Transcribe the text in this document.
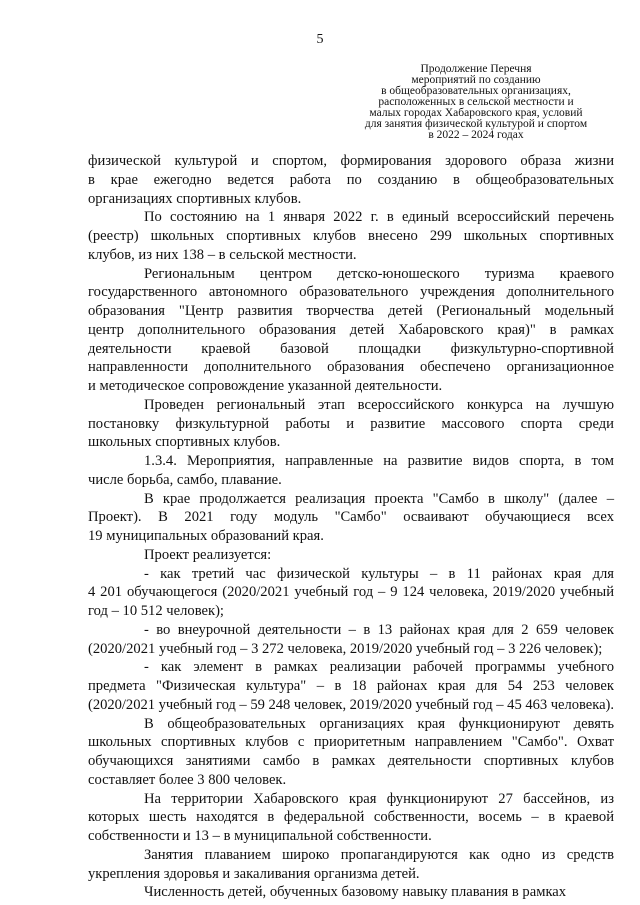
5
Продолжение Перечня
мероприятий по созданию
в общеобразовательных организациях,
расположенных в сельской местности и
малых городах Хабаровского края, условий
для занятия физической культурой и спортом
в 2022 – 2024 годах

физической культурой и спортом, формирования здорового образа жизни
в крае ежегодно ведется работа по созданию в общеобразовательных
организациях спортивных клубов.

По состоянию на 1 января 2022 г. в единый всероссийский перечень
(реестр) школьных спортивных клубов внесено 299 школьных спортивных
клубов, из них 138 – в сельской местности.

Региональным центром детско-юношеского туризма краевого
государственного автономного образовательного учреждения дополнительного
образования "Центр развития творчества детей (Региональный модельный
центр дополнительного образования детей Хабаровского края)" в рамках
деятельности краевой базовой площадки физкультурно-спортивной
направленности дополнительного образования обеспечено организационное
и методическое сопровождение указанной деятельности.

Проведен региональный этап всероссийского конкурса на лучшую
постановку физкультурной работы и развитие массового спорта среди
школьных спортивных клубов.

1.3.4. Мероприятия, направленные на развитие видов спорта, в том
числе борьба, самбо, плавание.

В крае продолжается реализация проекта "Самбо в школу" (далее –
Проект). В 2021 году модуль "Самбо" осваивают обучающиеся всех
19 муниципальных образований края.

Проект реализуется:

- как третий час физической культуры – в 11 районах края для
4 201 обучающегося (2020/2021 учебный год – 9 124 человека, 2019/2020 учебный
год – 10 512 человек);

- во внеурочной деятельности – в 13 районах края для 2 659 человек
(2020/2021 учебный год – 3 272 человека, 2019/2020 учебный год – 3 226 человек);

- как элемент в рамках реализации рабочей программы учебного
предмета "Физическая культура" – в 18 районах края для 54 253 человек
(2020/2021 учебный год – 59 248 человек, 2019/2020 учебный год – 45 463 человека).

В общеобразовательных организациях края функционируют девять
школьных спортивных клубов с приоритетным направлением "Самбо". Охват
обучающихся занятиями самбо в рамках деятельности спортивных клубов
составляет более 3 800 человек.

На территории Хабаровского края функционируют 27 бассейнов, из
которых шесть находятся в федеральной собственности, восемь – в краевой
собственности и 13 – в муниципальной собственности.

Занятия плаванием широко пропагандируются как одно из средств
укрепления здоровья и закаливания организма детей.

Численность детей, обученных базовому навыку плавания в рамках
